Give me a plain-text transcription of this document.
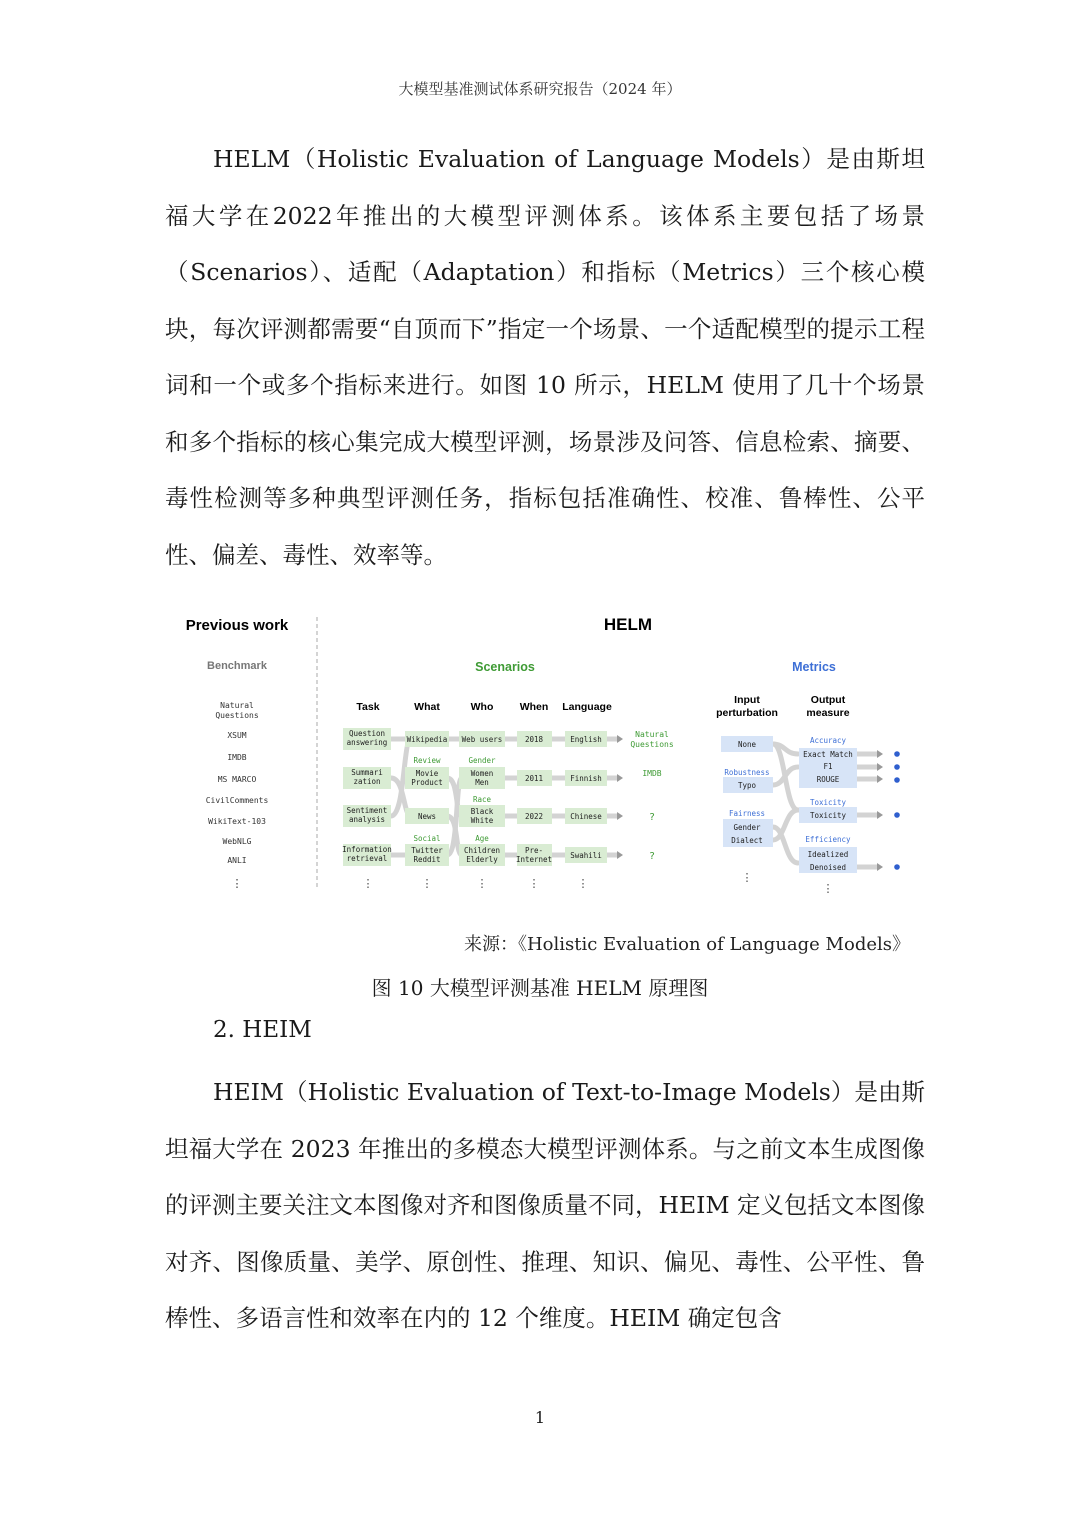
大模型基准测试体系研究报告（2024 年）

HELM（Holistic Evaluation of Language Models）是由斯坦福大学在2022年推出的大模型评测体系。该体系主要包括了场景（Scenarios）、适配（Adaptation）和指标（Metrics）三个核心模块，每次评测都需要“自顶而下”指定一个场景、一个适配模型的提示工程词和一个或多个指标来进行。如图 10 所示，HELM 使用了几十个场景和多个指标的核心集完成大模型评测，场景涉及问答、信息检索、摘要、毒性检测等多种典型评测任务，指标包括准确性、校准、鲁棒性、公平性、偏差、毒性、效率等。

Previous work
Benchmark
Natural
Questions
XSUM
IMDB
MS MARCO
CivilComments
WikiText-103
WebNLG
ANLI
⋮
HELM
Scenarios	Metrics
Task	What	Who	When Language
Input
perturbation
Output
measure
Question
answering
Summari
zation
Sentiment
analysis
Information
retrieval
Wikipedia
Review
Movie
Product
News
Social
Twitter
Reddit
Web users
Gender
Women
Men
Race
Black
White
Age
Children
Elderly
2018
2011
2022
Pre-
Internet
English
Finnish
Chinese
Swahili
Natural
Questions
IMDB
?
?
None
Robustness
Typo
Fairness
Gender
Dialect
Accuracy
Exact Match
F1
ROUGE
Toxicity
Toxicity
Efficiency
Idealized
Denoised
⋮	⋮	⋮	⋮	⋮	⋮
⋮
来源：《Holistic Evaluation of Language Models》
图 10 大模型评测基准 HELM 原理图

2. HEIM

HEIM（Holistic Evaluation of Text-to-Image Models）是由斯坦福大学在 2023 年推出的多模态大模型评测体系。与之前文本生成图像的评测主要关注文本图像对齐和图像质量不同，HEIM 定义包括文本图像对齐、图像质量、美学、原创性、推理、知识、偏见、毒性、公平性、鲁棒性、多语言性和效率在内的 12 个维度。HEIM 确定包含

1
